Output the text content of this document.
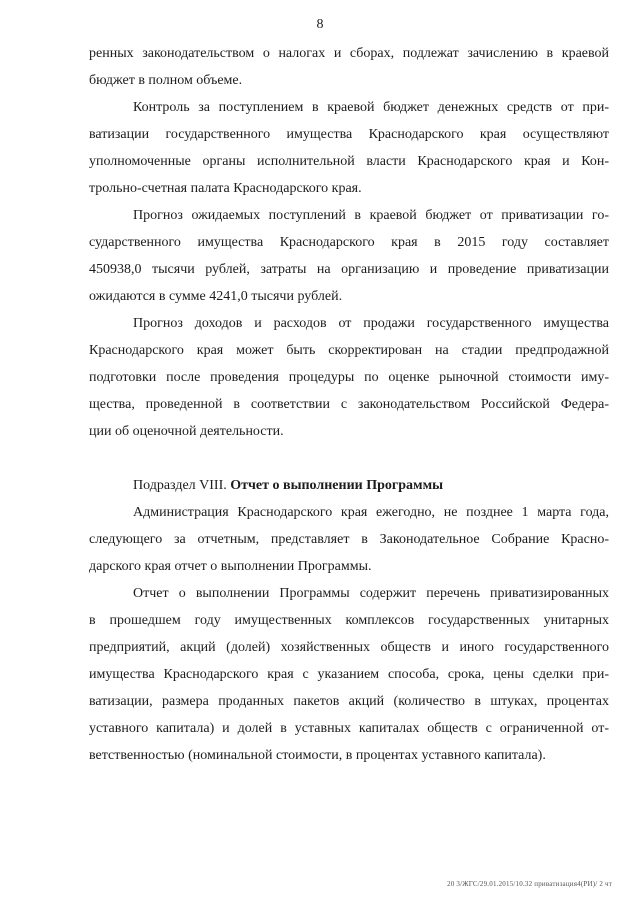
8
ренных законодательством о налогах и сборах, подлежат зачислению в краевой
бюджет в полном объеме.
Контроль за поступлением в краевой бюджет денежных средств от при-
ватизации государственного имущества Краснодарского края осуществляют
уполномоченные органы исполнительной власти Краснодарского края и Кон-
трольно-счетная палата Краснодарского края.
Прогноз ожидаемых поступлений в краевой бюджет от приватизации го-
сударственного имущества Краснодарского края в 2015 году составляет
450938,0 тысячи рублей, затраты на организацию и проведение приватизации
ожидаются в сумме 4241,0 тысячи рублей.
Прогноз доходов и расходов от продажи государственного имущества
Краснодарского края может быть скорректирован на стадии предпродажной
подготовки после проведения процедуры по оценке рыночной стоимости иму-
щества, проведенной в соответствии с законодательством Российской Федера-
ции об оценочной деятельности.
Подраздел VIII. Отчет о выполнении Программы
Администрация Краснодарского края ежегодно, не позднее 1 марта года,
следующего за отчетным, представляет в Законодательное Собрание Красно-
дарского края отчет о выполнении Программы.
Отчет о выполнении Программы содержит перечень приватизированных
в прошедшем году имущественных комплексов государственных унитарных
предприятий, акций (долей) хозяйственных обществ и иного государственного
имущества Краснодарского края с указанием способа, срока, цены сделки при-
ватизации, размера проданных пакетов акций (количество в штуках, процентах
уставного капитала) и долей в уставных капиталах обществ с ограниченной от-
ветственностью (номинальной стоимости, в процентах уставного капитала).
20 3/ЖГС/29.01.2015/10.32 приватизация4(РИ)/ 2 чт
